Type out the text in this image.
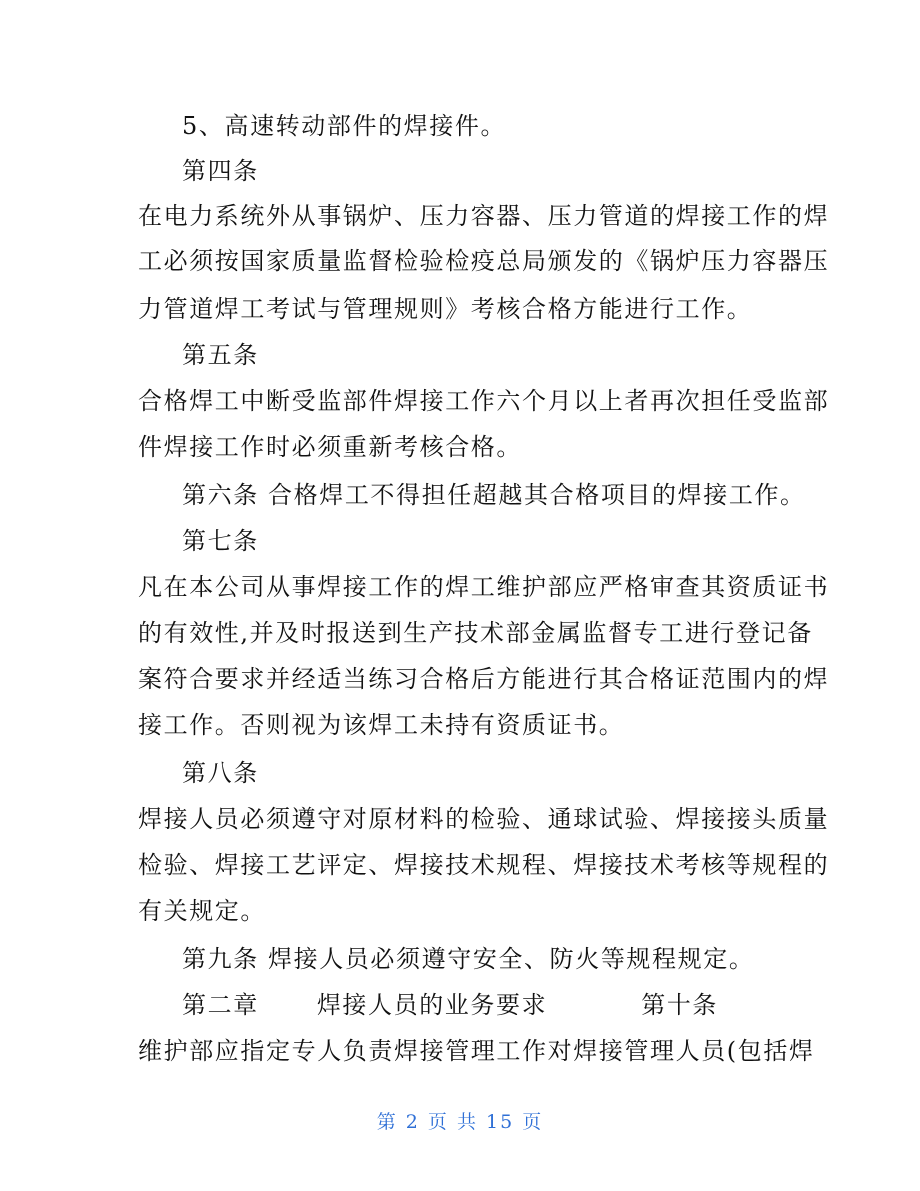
5、高速转动部件的焊接件。
第四条
在电力系统外从事锅炉、压力容器、压力管道的焊接工作的焊
工必须按国家质量监督检验检疫总局颁发的《锅炉压力容器压
力管道焊工考试与管理规则》考核合格方能进行工作。
第五条
合格焊工中断受监部件焊接工作六个月以上者再次担任受监部
件焊接工作时必须重新考核合格。
第六条 合格焊工不得担任超越其合格项目的焊接工作。
第七条
凡在本公司从事焊接工作的焊工维护部应严格审查其资质证书
的有效性,并及时报送到生产技术部金属监督专工进行登记备
案符合要求并经适当练习合格后方能进行其合格证范围内的焊
接工作。否则视为该焊工未持有资质证书。
第八条
焊接人员必须遵守对原材料的检验、通球试验、焊接接头质量
检验、焊接工艺评定、焊接技术规程、焊接技术考核等规程的
有关规定。
第九条 焊接人员必须遵守安全、防火等规程规定。
第二章 焊接人员的业务要求	第十条
维护部应指定专人负责焊接管理工作对焊接管理人员(包括焊
第 2 页 共 15 页
